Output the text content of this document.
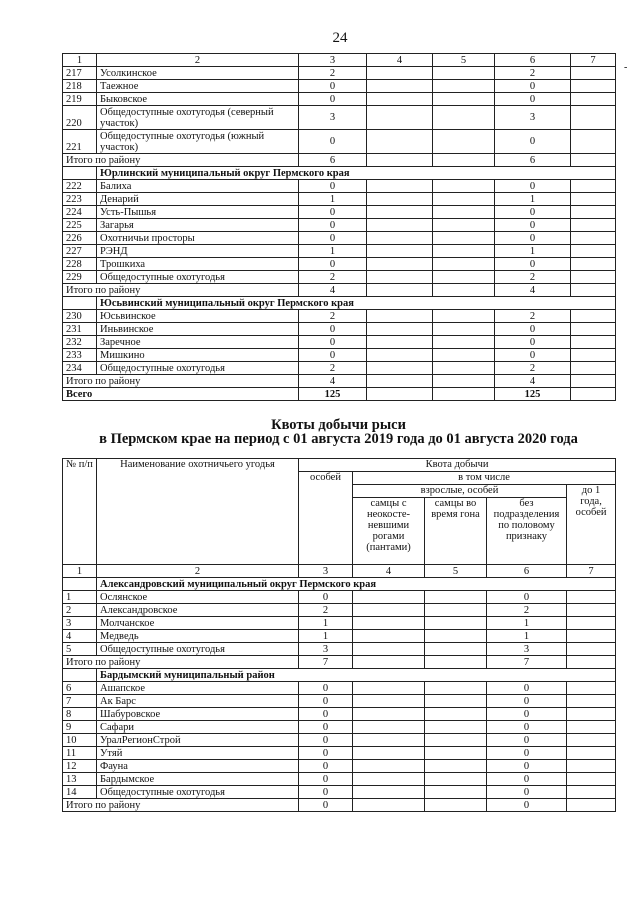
24
-
1	2	3	4	5	6	7
217	Усолкинское	2			2	
218	Таежное	0			0	
219	Быковское	0			0	
220	Общедоступные охотугодья (северный участок)	3			3	
221	Общедоступные охотугодья (южный участок)	0			0	
Итого по району		6			6	
	Юрлинский муниципальный округ Пермского края					
222	Балиха	0			0	
223	Денарий	1			1	
224	Усть-Пышья	0			0	
225	Загарья	0			0	
226	Охотничьи просторы	0			0	
227	РЭНД	1			1	
228	Трошкиха	0			0	
229	Общедоступные охотугодья	2			2	
Итого по району		4			4	
	Юсьвинский муниципальный округ Пермского края					
230	Юсьвинское	2			2	
231	Иньвинское	0			0	
232	Заречное	0			0	
233	Мишкино	0			0	
234	Общедоступные охотугодья	2			2	
Итого по району		4			4	
Всего		125			125	
Квоты добычи рыси
в Пермском крае на период с 01 августа 2019 года до 01 августа 2020 года
№ п/п	Наименование охотничьего угодья	Квота добычи				
		особей	в том числе			
			взрослые, особей			до 1 года, особей
			самцы с неокосте-невшими рогами (пантами)	самцы во время гона	без подразделения по половому признаку	
1	2	3	4	5	6	7
	Александровский муниципальный округ Пермского края					
1	Ослянское	0			0	
2	Александровское	2			2	
3	Молчанское	1			1	
4	Медведь	1			1	
5	Общедоступные охотугодья	3			3	
Итого по району		7			7	
	Бардымский муниципальный район					
6	Ашапское	0			0	
7	Ак Барс	0			0	
8	Шабуровское	0			0	
9	Сафари	0			0	
10	УралРегионСтрой	0			0	
11	Утяй	0			0	
12	Фауна	0			0	
13	Бардымское	0			0	
14	Общедоступные охотугодья	0			0	
Итого по району		0			0	
